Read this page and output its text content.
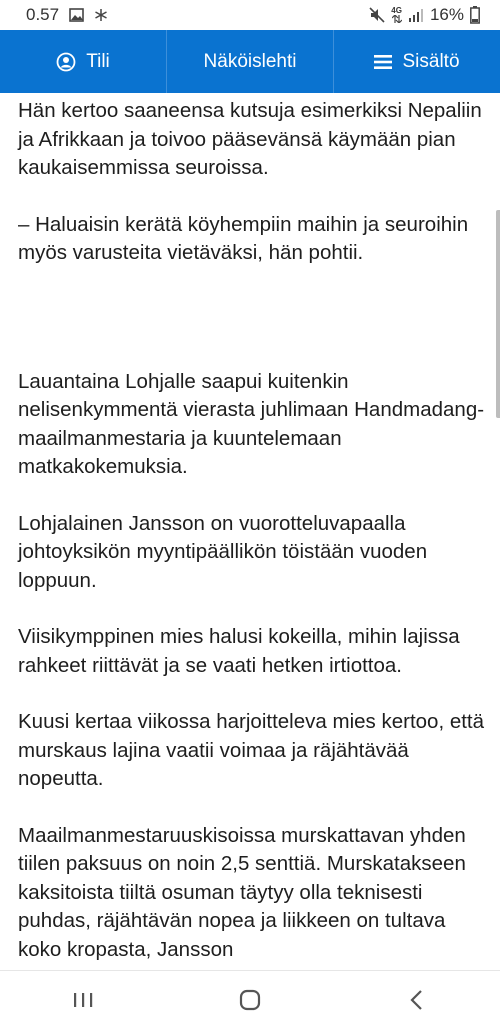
0.57	4G 16%
Tili	Näköislehti	Sisältö

Hän kertoo saaneensa kutsuja esimerkiksi Nepaliin ja Afrikkaan ja toivoo pääsevänsä käymään pian kaukaisemmissa seuroissa.

– Haluaisin kerätä köyhempiin maihin ja seuroihin myös varusteita vietäväksi, hän pohtii.

Lauantaina Lohjalle saapui kuitenkin nelisenkymmentä vierasta juhlimaan Handmadang-maailmanmestaria ja kuuntelemaan matkakokemuksia.

Lohjalainen Jansson on vuorotteluvapaalla johtoyksikön myyntipäällikön töistään vuoden loppuun.

Viisikymppinen mies halusi kokeilla, mihin lajissa rahkeet riittävät ja se vaati hetken irtiottoa.

Kuusi kertaa viikossa harjoitteleva mies kertoo, että murskaus lajina vaatii voimaa ja räjähtävää nopeutta.

Maailmanmestaruuskisoissa murskattavan yhden tiilen paksuus on noin 2,5 senttiä. Murskatakseen kaksitoista tiiltä osuman täytyy olla teknisesti puhdas, räjähtävän nopea ja liikkeen on tultava koko kropasta, Jansson
